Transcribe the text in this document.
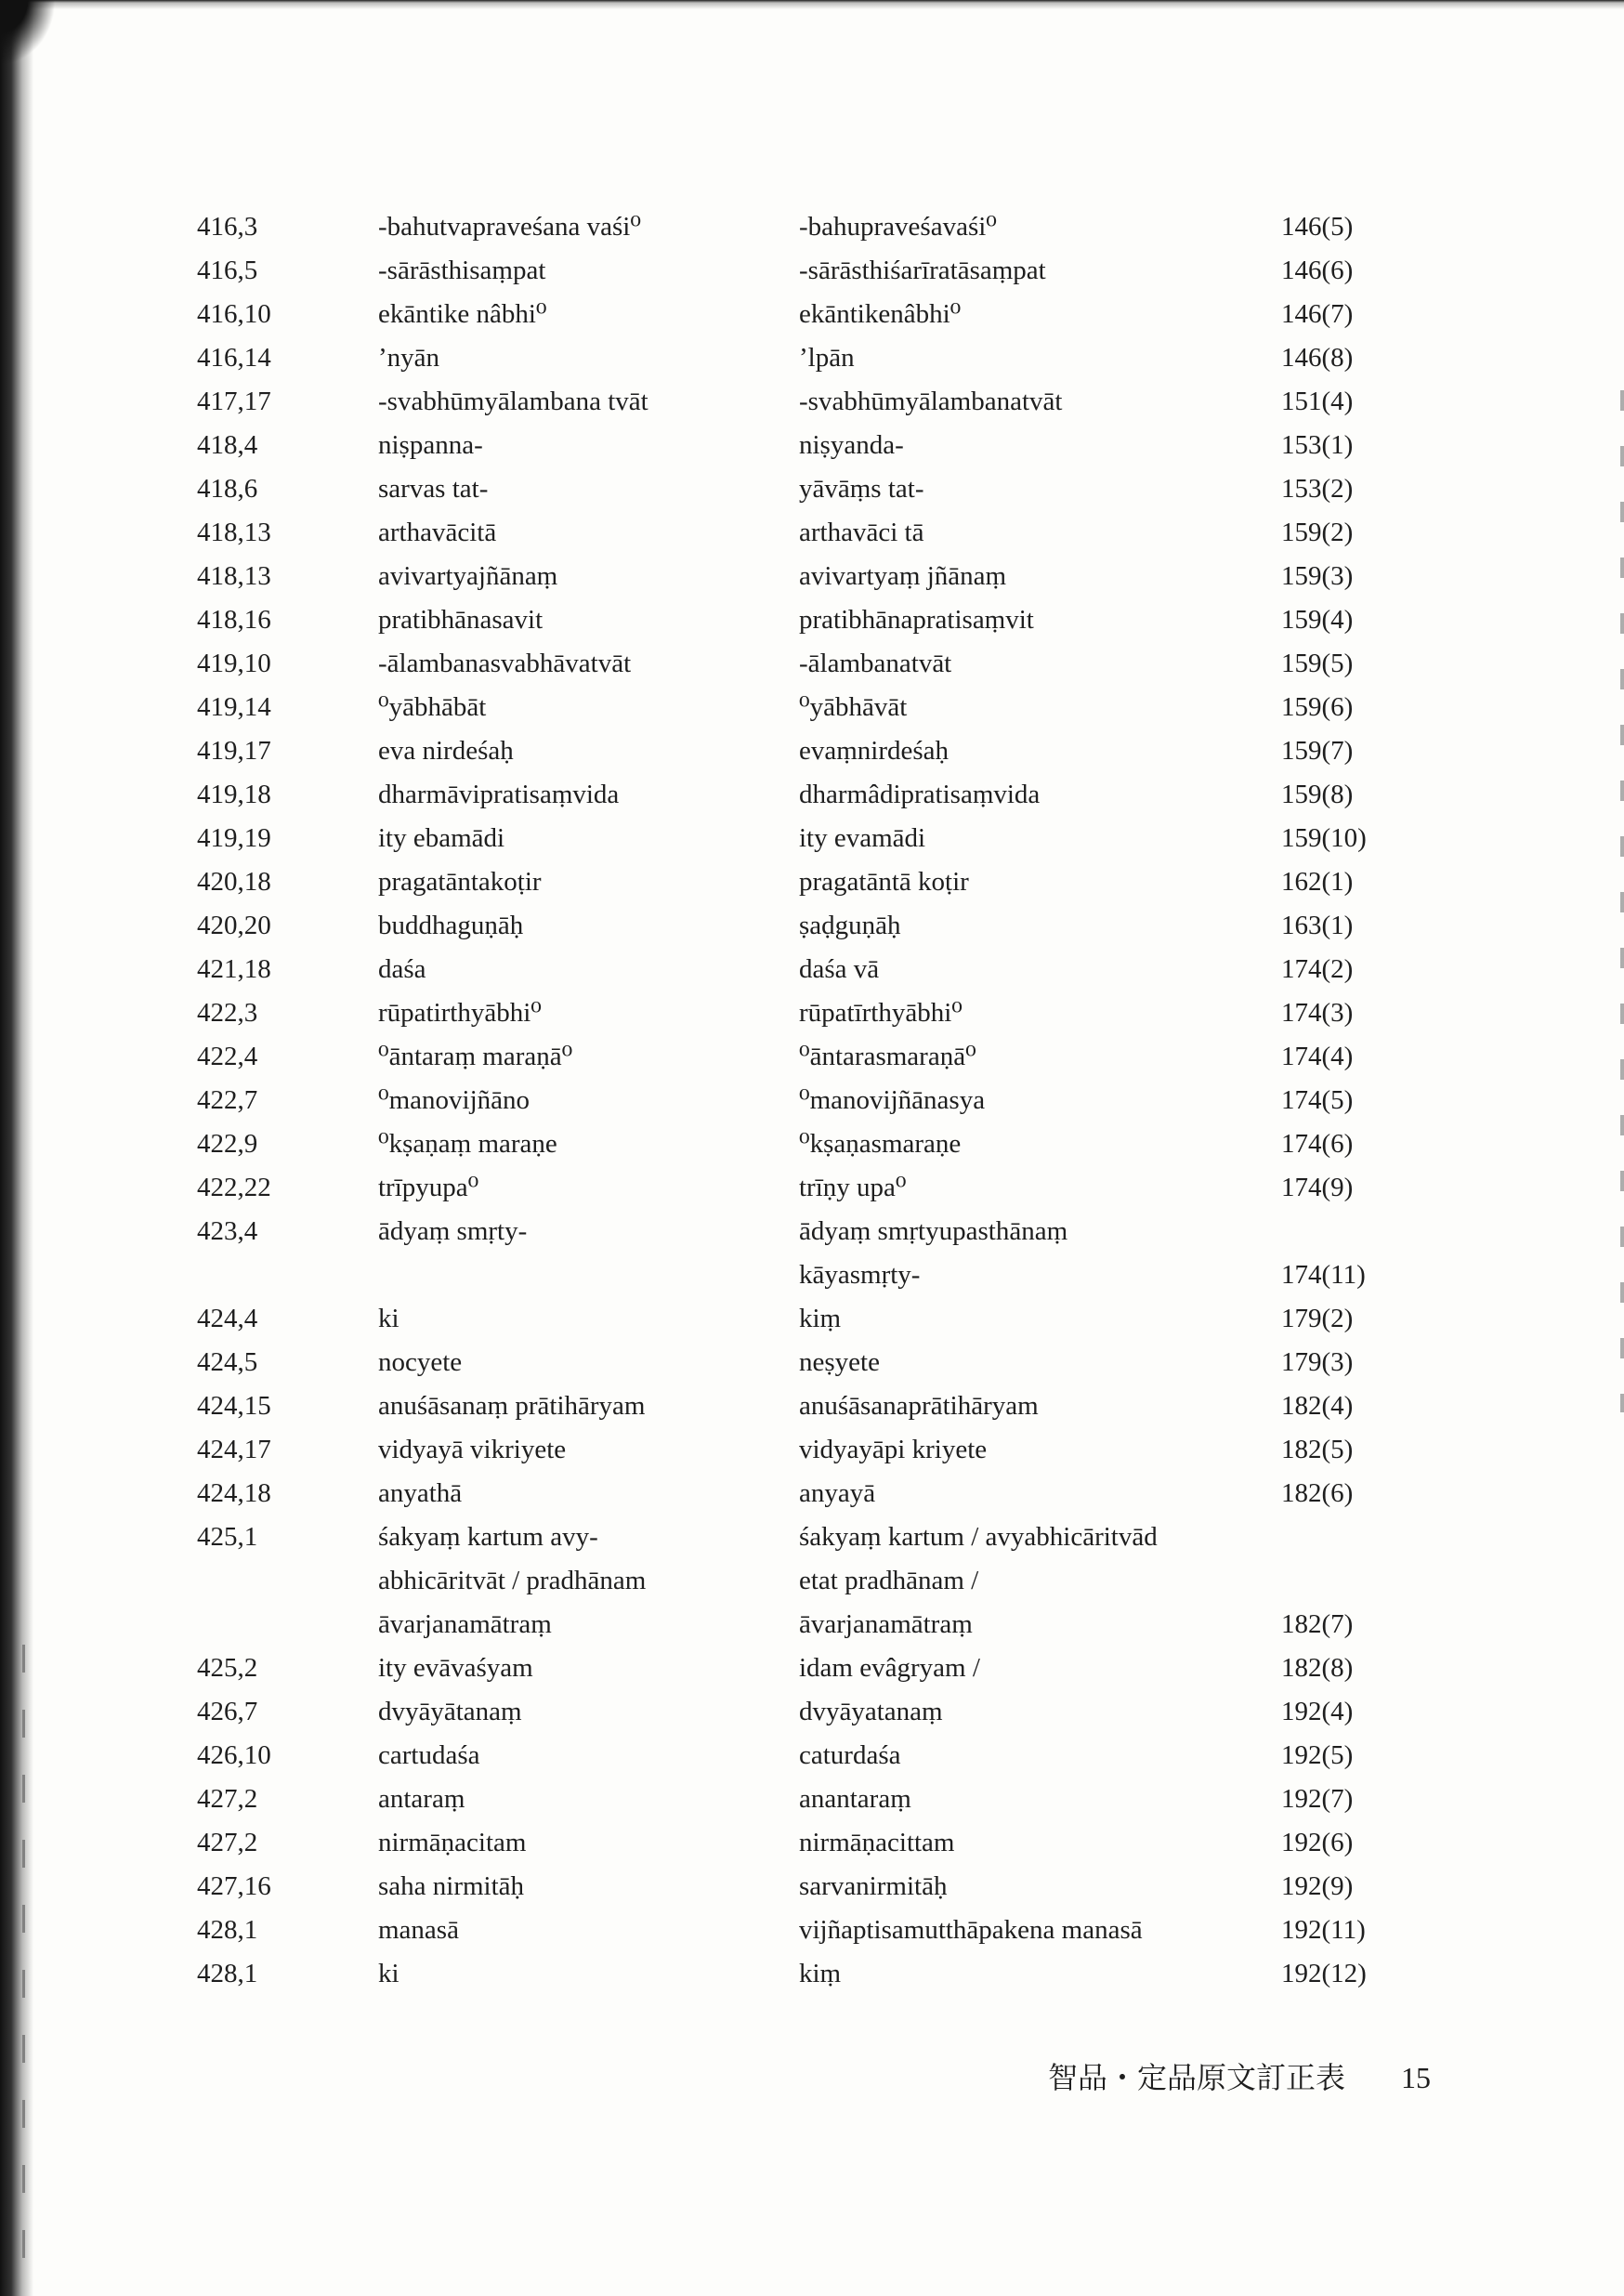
416,3	-bahutvapraveśana vaśi⁰	-bahupraveśavaśi⁰	146(5)
416,5	-sārāsthisaṃpat	-sārāsthiśarīratāsaṃpat	146(6)
416,10	ekāntike nâbhi⁰	ekāntikenâbhi⁰	146(7)
416,14	’nyān	’lpān	146(8)
417,17	-svabhūmyālambana tvāt	-svabhūmyālambanatvāt	151(4)
418,4	niṣpanna-	niṣyanda-	153(1)
418,6	sarvas tat-	yāvāṃs tat-	153(2)
418,13	arthavācitā	arthavāci tā	159(2)
418,13	avivartyajñānaṃ	avivartyaṃ jñānaṃ	159(3)
418,16	pratibhānasavit	pratibhānapratisaṃvit	159(4)
419,10	-ālambanasvabhāvatvāt	-ālambanatvāt	159(5)
419,14	⁰yābhābāt	⁰yābhāvāt	159(6)
419,17	eva nirdeśaḥ	evaṃnirdeśaḥ	159(7)
419,18	dharmāvipratisaṃvida	dharmâdipratisaṃvida	159(8)
419,19	ity ebamādi	ity evamādi	159(10)
420,18	pragatāntakoṭir	pragatāntā koṭir	162(1)
420,20	buddhaguṇāḥ	ṣaḍguṇāḥ	163(1)
421,18	daśa	daśa vā	174(2)
422,3	rūpatirthyābhi⁰	rūpatīrthyābhi⁰	174(3)
422,4	⁰āntaraṃ maraṇā⁰	⁰āntarasmaraṇā⁰	174(4)
422,7	⁰manovijñāno	⁰manovijñānasya	174(5)
422,9	⁰kṣaṇaṃ maraṇe	⁰kṣaṇasmaraṇe	174(6)
422,22	trīpyupa⁰	trīṇy upa⁰	174(9)
423,4	ādyaṃ smṛty-	ādyaṃ smṛtyupasthānaṃ
kāyasmṛty-	174(11)
424,4	ki	kiṃ	179(2)
424,5	nocyete	neṣyete	179(3)
424,15	anuśāsanaṃ prātihāryam	anuśāsanaprātihāryam	182(4)
424,17	vidyayā vikriyete	vidyayāpi kriyete	182(5)
424,18	anyathā	anyayā	182(6)
425,1	śakyaṃ kartum avy-	śakyaṃ kartum / avyabhicāritvād
abhicāritvāt / pradhānam	etat pradhānam /
āvarjanamātraṃ	āvarjanamātraṃ	182(7)
425,2	ity evāvaśyam	idam evâgryam /	182(8)
426,7	dvyāyātanaṃ	dvyāyatanaṃ	192(4)
426,10	cartudaśa	caturdaśa	192(5)
427,2	antaraṃ	anantaraṃ	192(7)
427,2	nirmāṇacitam	nirmāṇacittam	192(6)
427,16	saha nirmitāḥ	sarvanirmitāḥ	192(9)
428,1	manasā	vijñaptisamutthāpakena manasā	192(11)
428,1	ki	kiṃ	192(12)
智品・定品原文訂正表 15
